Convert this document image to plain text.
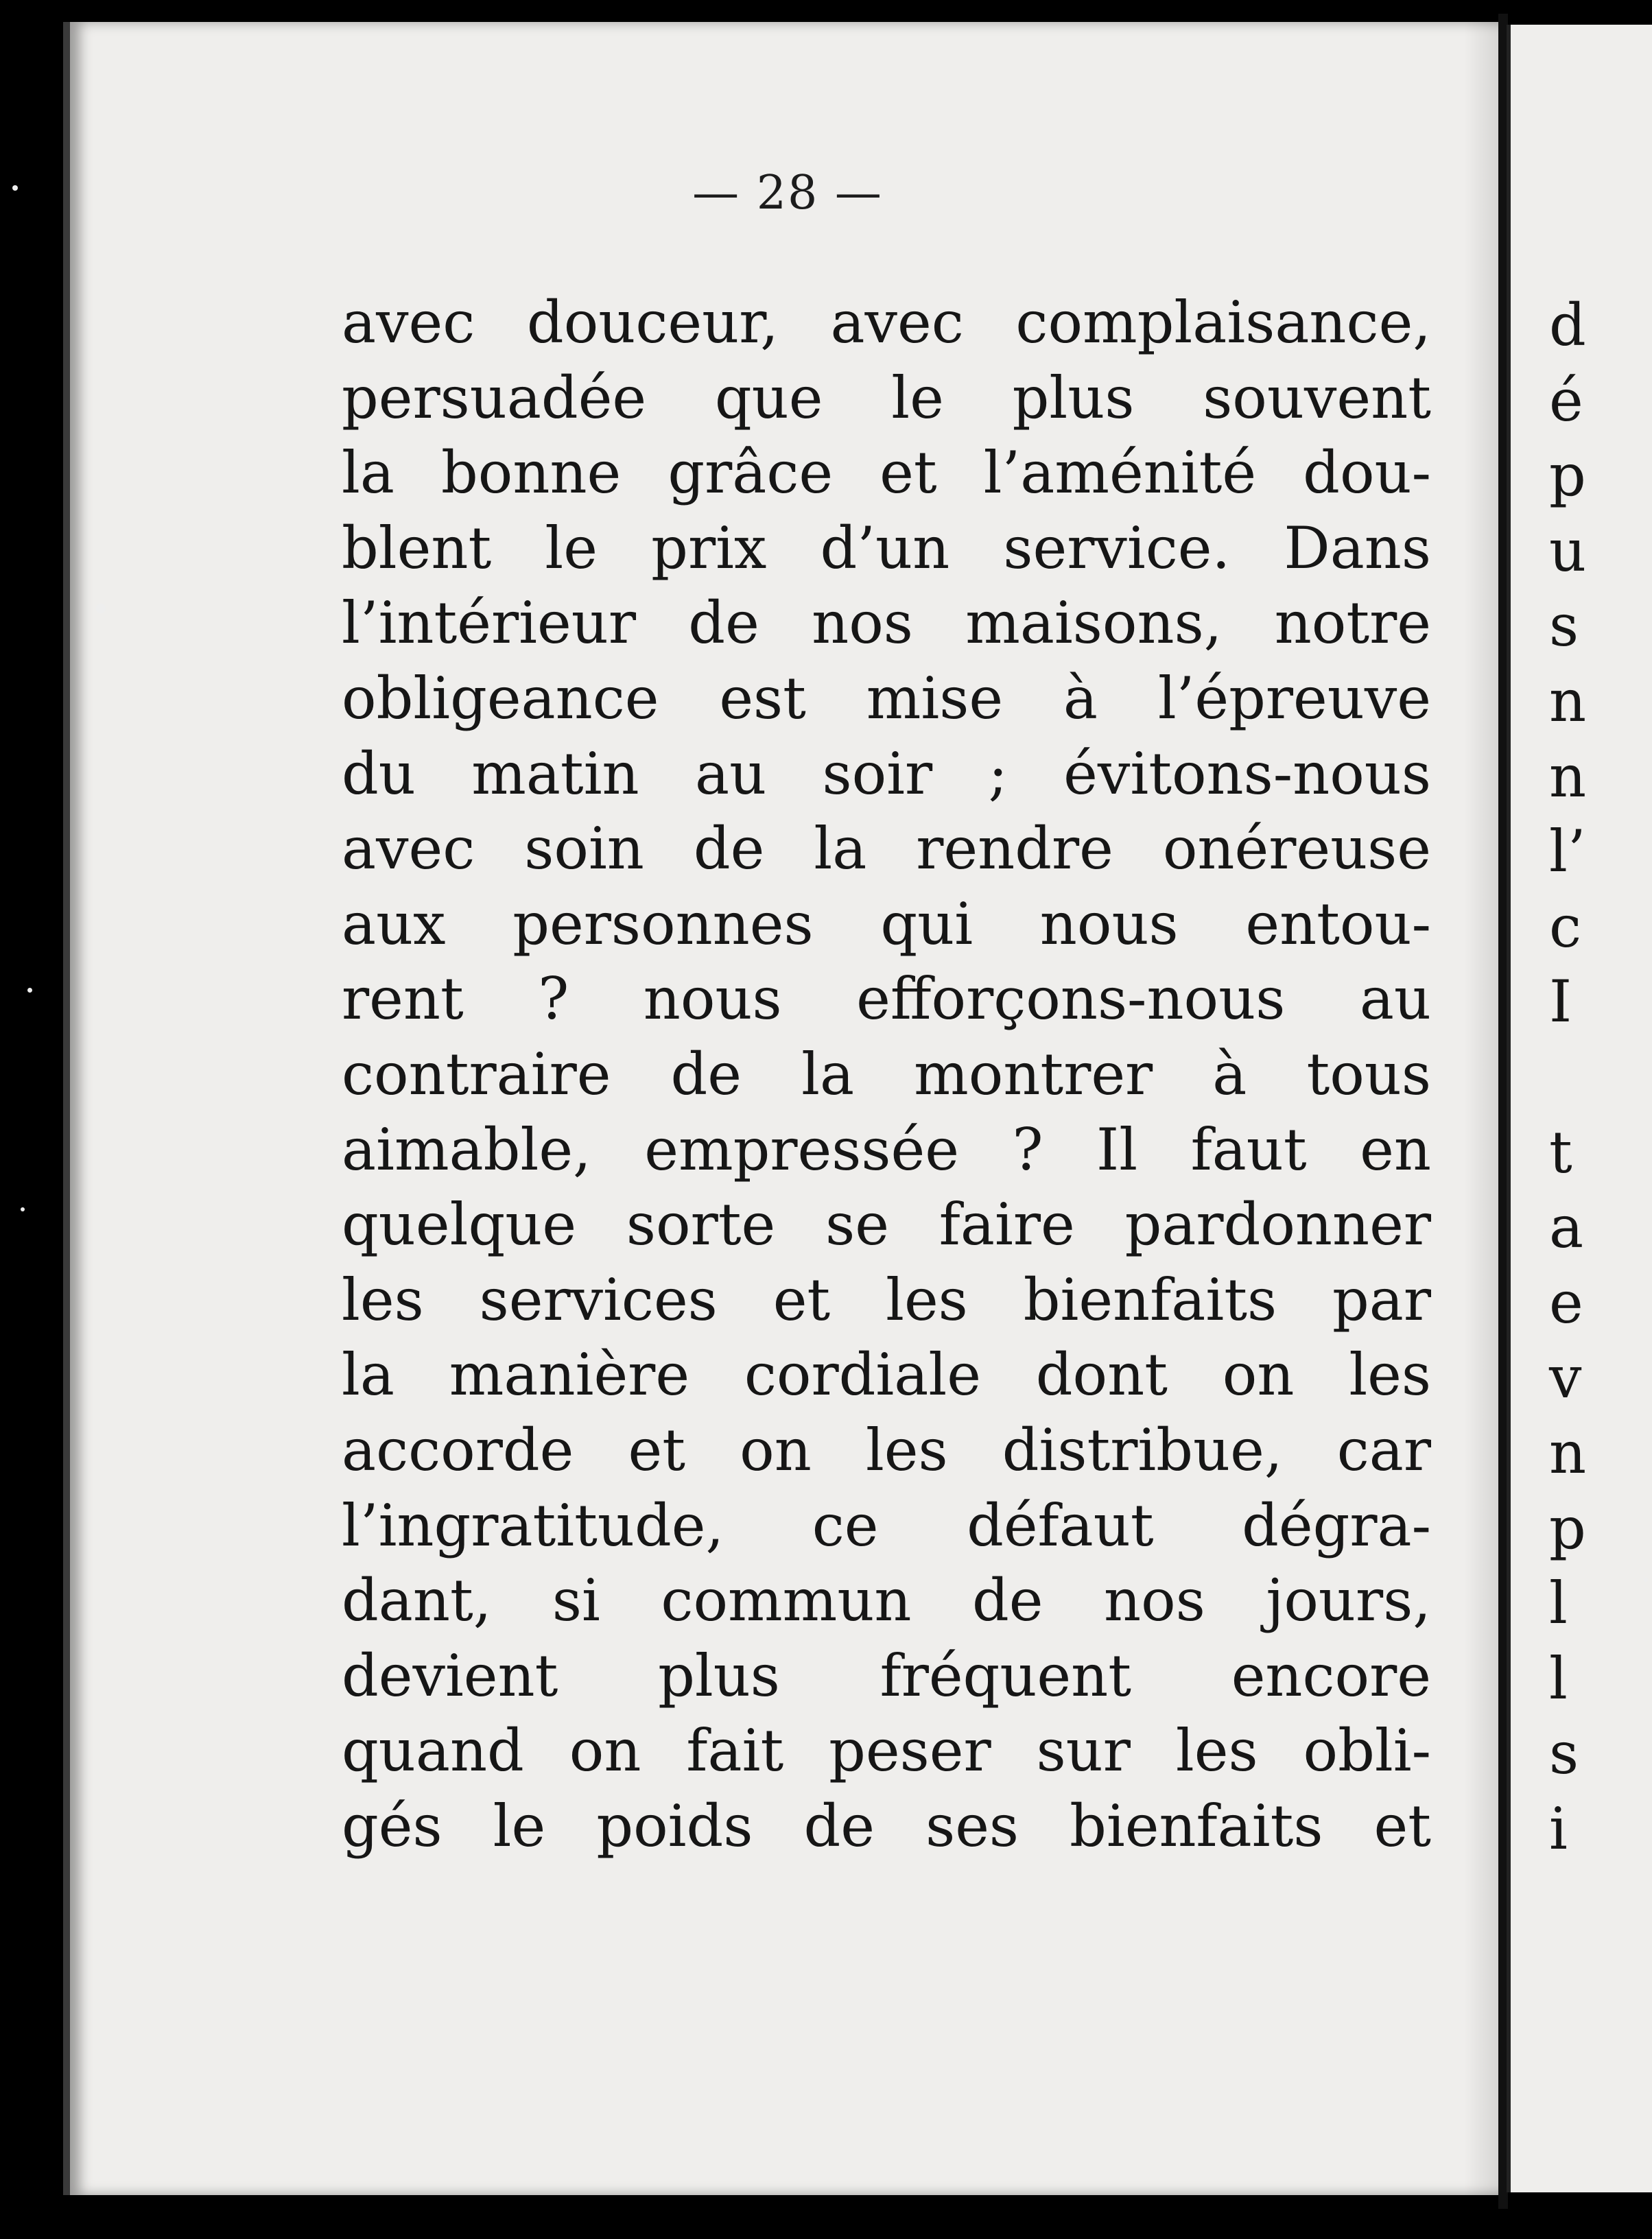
— 28 —
avec douceur, avec complaisance,
persuadée que le plus souvent
la bonne grâce et l’aménité dou-
blent le prix d’un service. Dans
l’intérieur de nos maisons, notre
obligeance est mise à l’épreuve
du matin au soir ; évitons-nous
avec soin de la rendre onéreuse
aux personnes qui nous entou-
rent ? nous efforçons-nous au
contraire de la montrer à tous
aimable, empressée ? Il faut en
quelque sorte se faire pardonner
les services et les bienfaits par
la manière cordiale dont on les
accorde et on les distribue, car
l’ingratitude, ce défaut dégra-
dant, si commun de nos jours,
devient plus fréquent encore
quand on fait peser sur les obli-
gés le poids de ses bienfaits et
d
é
p
u
s
n
n
l’
c
I
t
a
e
v
n
p
l
l
s
i
